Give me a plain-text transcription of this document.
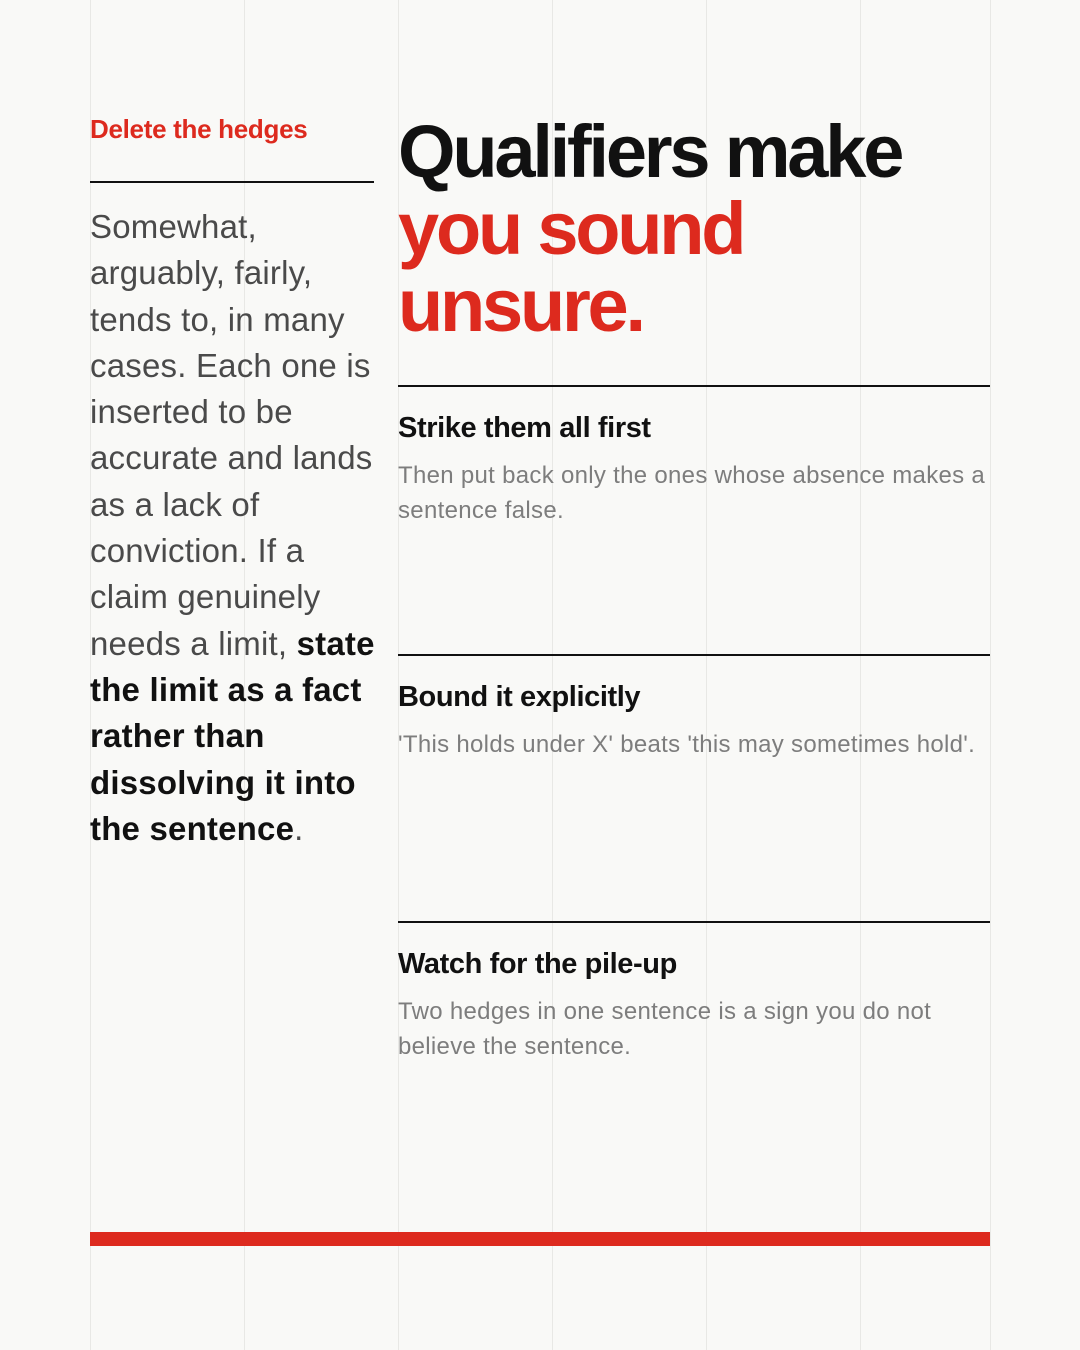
Delete the hedges

Somewhat, arguably, fairly, tends to, in many cases. Each one is inserted to be accurate and lands as a lack of conviction. If a claim genuinely needs a limit, state the limit as a fact rather than dissolving it into the sentence.

Qualifiers make
you sound
unsure.
Strike them all first
Then put back only the ones whose absence makes a sentence false.
Bound it explicitly
'This holds under X' beats 'this may sometimes hold'.
Watch for the pile-up
Two hedges in one sentence is a sign you do not believe the sentence.
